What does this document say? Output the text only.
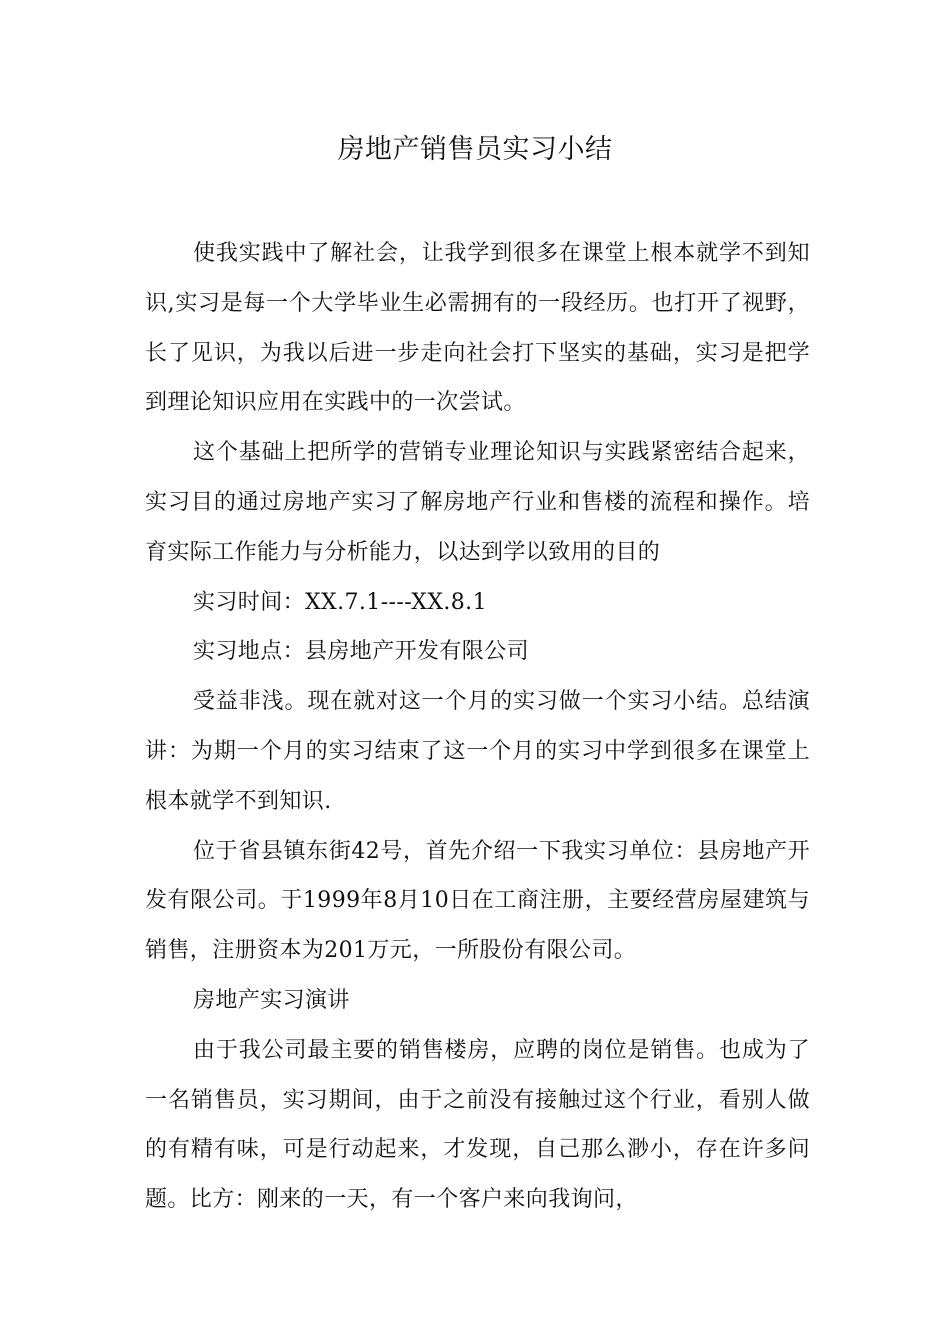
房地产销售员实习小结

使我实践中了解社会，让我学到很多在课堂上根本就学不到知识,实习是每一个大学毕业生必需拥有的一段经历。也打开了视野，长了见识，为我以后进一步走向社会打下坚实的基础，实习是把学到理论知识应用在实践中的一次尝试。

这个基础上把所学的营销专业理论知识与实践紧密结合起来，实习目的通过房地产实习了解房地产行业和售楼的流程和操作。培育实际工作能力与分析能力，以达到学以致用的目的

实习时间：XX.7.1----XX.8.1

实习地点：县房地产开发有限公司

受益非浅。现在就对这一个月的实习做一个实习小结。总结演讲：为期一个月的实习结束了这一个月的实习中学到很多在课堂上根本就学不到知识.

位于省县镇东街42号，首先介绍一下我实习单位：县房地产开发有限公司。于1999年8月10日在工商注册，主要经营房屋建筑与销售，注册资本为201万元，一所股份有限公司。

房地产实习演讲

由于我公司最主要的销售楼房，应聘的岗位是销售。也成为了一名销售员，实习期间，由于之前没有接触过这个行业，看别人做的有精有味，可是行动起来，才发现，自己那么渺小，存在许多问题。比方：刚来的一天，有一个客户来向我询问，
